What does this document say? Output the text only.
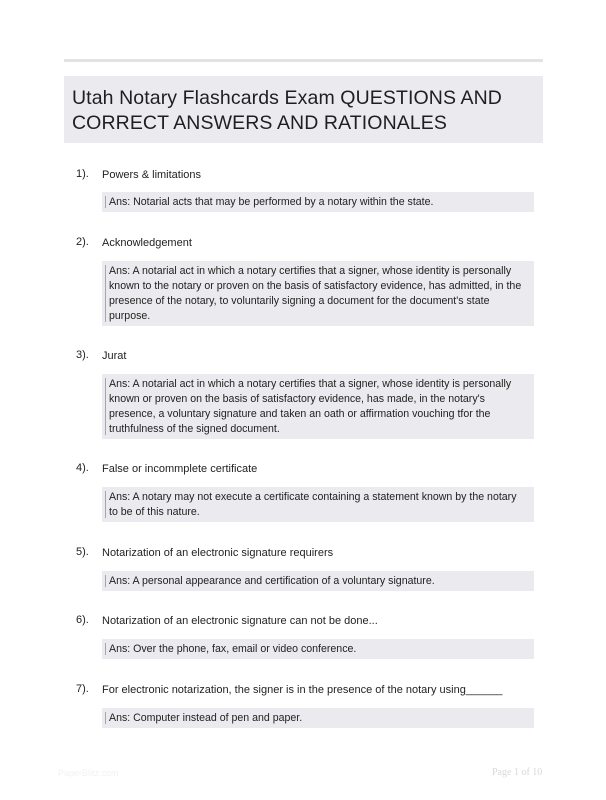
Utah Notary Flashcards Exam QUESTIONS AND CORRECT ANSWERS AND RATIONALES
1). Powers & limitations
Ans: Notarial acts that may be performed by a notary within the state.
2). Acknowledgement
Ans: A notarial act in which a notary certifies that a signer, whose identity is personally known to the notary or proven on the basis of satisfactory evidence, has admitted, in the presence of the notary, to voluntarily signing a document for the document's state purpose.
3). Jurat
Ans: A notarial act in which a notary certifies that a signer, whose identity is personally known or proven on the basis of satisfactory evidence, has made, in the notary's presence, a voluntary signature and taken an oath or affirmation vouching tfor the truthfulness of the signed document.
4). False or incommplete certificate
Ans: A notary may not execute a certificate containing a statement known by the notary to be of this nature.
5). Notarization of an electronic signature requirers
Ans: A personal appearance and certification of a voluntary signature.
6). Notarization of an electronic signature can not be done...
Ans: Over the phone, fax, email or video conference.
7). For electronic notarization, the signer is in the presence of the notary using______
Ans: Computer instead of pen and paper.
PaperBlitz.com	Page 1 of 10
